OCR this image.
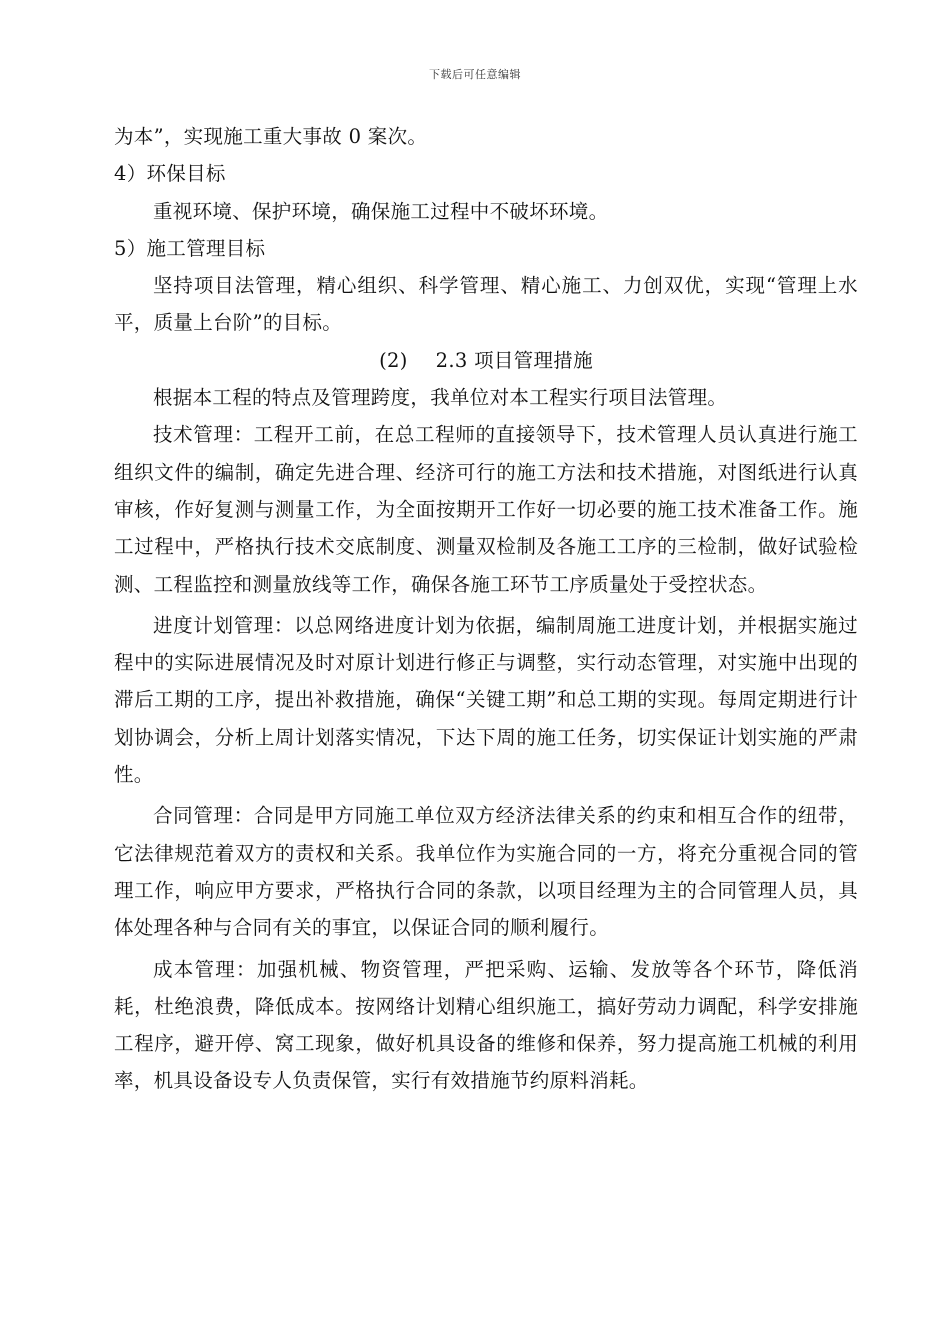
下载后可任意编辑

为本”，实现施工重大事故 0 案次。

4）环保目标

重视环境、保护环境，确保施工过程中不破坏环境。

5）施工管理目标

坚持项目法管理，精心组织、科学管理、精心施工、力创双优，实现“管理上水平，质量上台阶”的目标。

(2) 2.3 项目管理措施

根据本工程的特点及管理跨度，我单位对本工程实行项目法管理。

技术管理：工程开工前，在总工程师的直接领导下，技术管理人员认真进行施工组织文件的编制，确定先进合理、经济可行的施工方法和技术措施，对图纸进行认真审核，作好复测与测量工作，为全面按期开工作好一切必要的施工技术准备工作。施工过程中，严格执行技术交底制度、测量双检制及各施工工序的三检制，做好试验检测、工程监控和测量放线等工作，确保各施工环节工序质量处于受控状态。

进度计划管理：以总网络进度计划为依据，编制周施工进度计划，并根据实施过程中的实际进展情况及时对原计划进行修正与调整，实行动态管理，对实施中出现的滞后工期的工序，提出补救措施，确保“关键工期”和总工期的实现。每周定期进行计划协调会，分析上周计划落实情况，下达下周的施工任务，切实保证计划实施的严肃性。

合同管理：合同是甲方同施工单位双方经济法律关系的约束和相互合作的纽带，它法律规范着双方的责权和关系。我单位作为实施合同的一方，将充分重视合同的管理工作，响应甲方要求，严格执行合同的条款，以项目经理为主的合同管理人员，具体处理各种与合同有关的事宜，以保证合同的顺利履行。

成本管理：加强机械、物资管理，严把采购、运输、发放等各个环节，降低消耗，杜绝浪费，降低成本。按网络计划精心组织施工，搞好劳动力调配，科学安排施工程序，避开停、窝工现象，做好机具设备的维修和保养，努力提高施工机械的利用率，机具设备设专人负责保管，实行有效措施节约原料消耗。
